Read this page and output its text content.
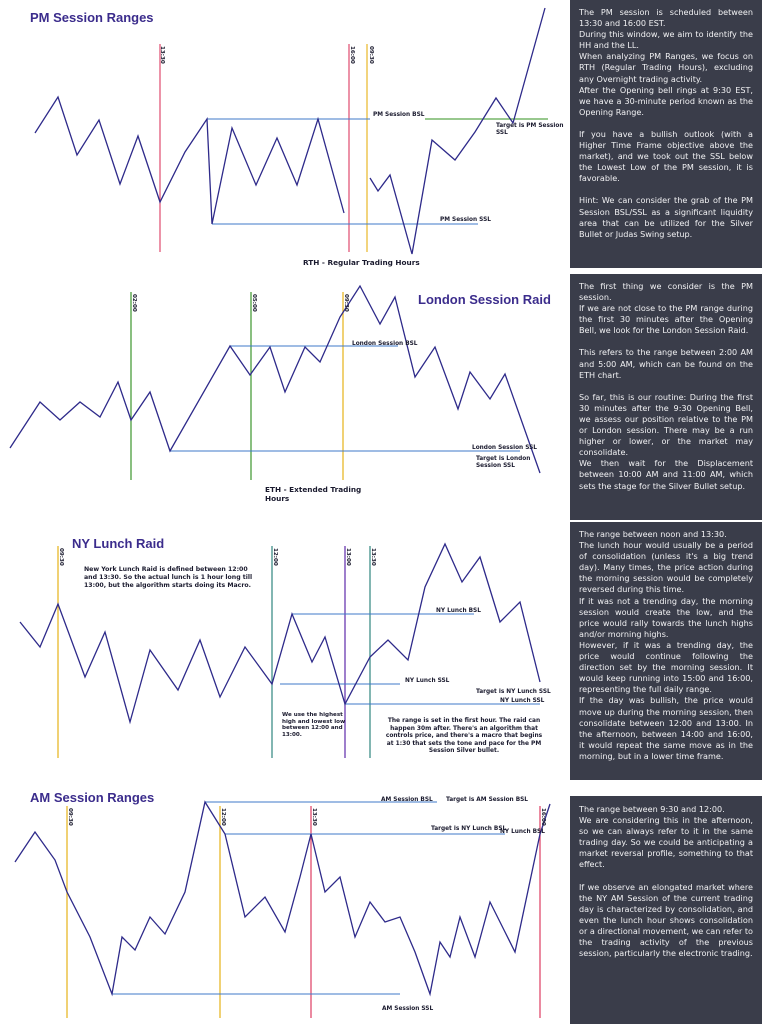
PM Session Ranges
13:30	16:00 09:30
PM Session BSL
PM Session SSL
Target is PM Session
SSL
RTH - Regular Trading Hours

The PM session is scheduled between 13:30 and 16:00 EST.

During this window, we aim to identify the HH and the LL.

When analyzing PM Ranges, we focus on RTH (Regular Trading Hours), excluding any Overnight trading activity.

After the Opening bell rings at 9:30 EST, we have a 30-minute period known as the Opening Range.

If you have a bullish outlook (with a Higher Time Frame objective above the market), and we took out the SSL below the Lowest Low of the PM session, it is favorable.

Hint: We can consider the grab of the PM Session BSL/SSL as a significant liquidity area that can be utilized for the Silver Bullet or Judas Swing setup.

London Session Raid
02:00	05:00	09:30
London Session BSL
London Session SSL
Target is London
Session SSL
ETH - Extended Trading
Hours

The first thing we consider is the PM session.

If we are not close to the PM range during the first 30 minutes after the Opening Bell, we look for the London Session Raid.

This refers to the range between 2:00 AM and 5:00 AM, which can be found on the ETH chart.

So far, this is our routine: During the first 30 minutes after the 9:30 Opening Bell, we assess our position relative to the PM or London session. There may be a run higher or lower, or the market may consolidate.

We then wait for the Displacement between 10:00 AM and 11:00 AM, which sets the stage for the Silver Bullet setup.

NY Lunch Raid
09:30	12:00	13:00	13:30
New York Lunch Raid is defined between 12:00
and 13:30. So the actual lunch is 1 hour long till
13:00, but the algorithm starts doing its Macro.
NY Lunch BSL
NY Lunch SSL
Target is NY Lunch SSL
NY Lunch SSL
We use the highest
high and lowest low
between 12:00 and
13:00.
The range is set in the first hour. The raid can
happen 30m after. There's an algorithm that
controls price, and there's a macro that begins
at 1:30 that sets the tone and pace for the PM
Session Silver bullet.

The range between noon and 13:30.

The lunch hour would usually be a period of consolidation (unless it's a big trend day). Many times, the price action during the morning session would be completely reversed during this time.

If it was not a trending day, the morning session would create the low, and the price would rally towards the lunch highs and/or morning highs.

However, if it was a trending day, the price would continue following the direction set by the morning session. It would keep running into 15:00 and 16:00, representing the full daily range.

If the day was bullish, the price would move up during the morning session, then consolidate between 12:00 and 13:00. In the afternoon, between 14:00 and 16:00, it would repeat the same move as in the morning, but in a lower time frame.

AM Session Ranges
09:30	12:00	13:30	16:00
AM Session BSL Target is AM Session BSL
Target is NY Lunch BSL
NY Lunch BSL
AM Session SSL

The range between 9:30 and 12:00.

We are considering this in the afternoon, so we can always refer to it in the same trading day. So we could be anticipating a market reversal profile, something to that effect.

If we observe an elongated market where the NY AM Session of the current trading day is characterized by consolidation, and even the lunch hour shows consolidation or a directional movement, we can refer to the trading activity of the previous session, particularly the electronic trading.
